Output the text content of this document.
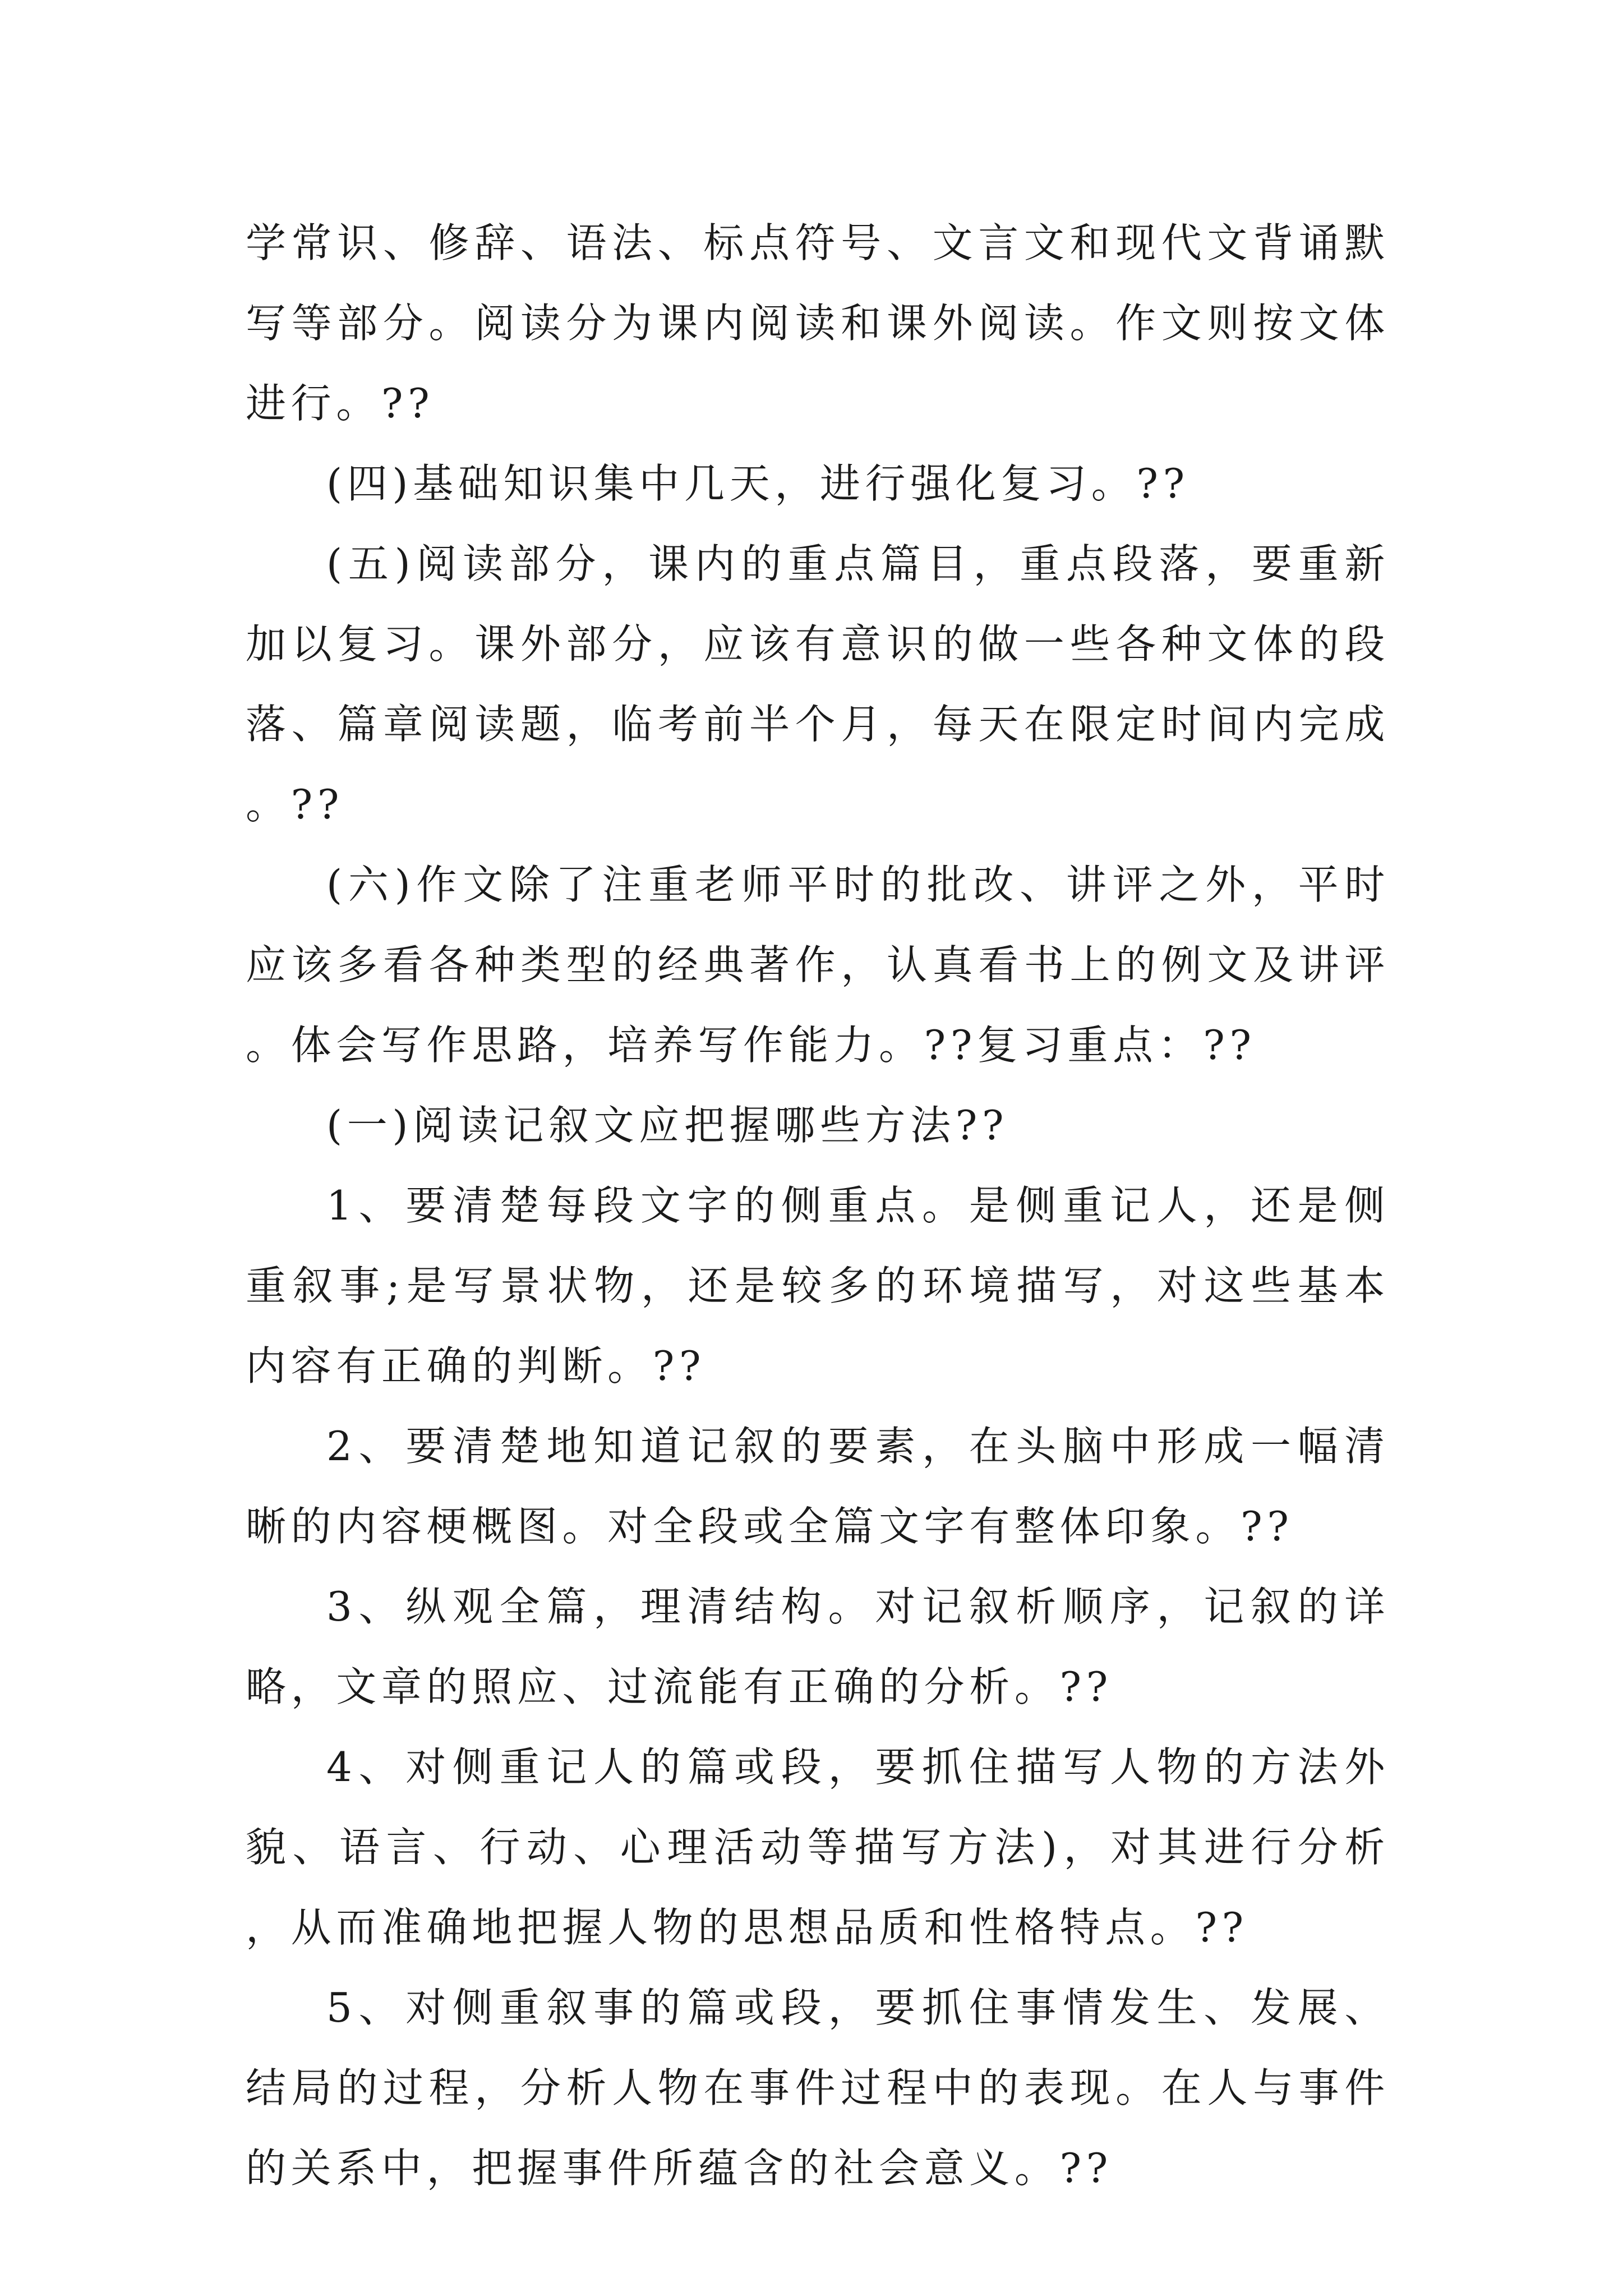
学常识、修辞、语法、标点符号、文言文和现代文背诵默写等部分。阅读分为课内阅读和课外阅读。作文则按文体进行。??

(四)基础知识集中几天，进行强化复习。??

(五)阅读部分，课内的重点篇目，重点段落，要重新加以复习。课外部分，应该有意识的做一些各种文体的段落、篇章阅读题，临考前半个月，每天在限定时间内完成。??

(六)作文除了注重老师平时的批改、讲评之外，平时应该多看各种类型的经典著作，认真看书上的例文及讲评。体会写作思路，培养写作能力。??复习重点：??

(一)阅读记叙文应把握哪些方法??

1、要清楚每段文字的侧重点。是侧重记人，还是侧重叙事;是写景状物，还是较多的环境描写，对这些基本内容有正确的判断。??

2、要清楚地知道记叙的要素，在头脑中形成一幅清晰的内容梗概图。对全段或全篇文字有整体印象。??

3、纵观全篇，理清结构。对记叙析顺序，记叙的详略，文章的照应、过流能有正确的分析。??

4、对侧重记人的篇或段，要抓住描写人物的方法外貌、语言、行动、心理活动等描写方法)，对其进行分析，从而准确地把握人物的思想品质和性格特点。??

5、对侧重叙事的篇或段，要抓住事情发生、发展、结局的过程，分析人物在事件过程中的表现。在人与事件的关系中，把握事件所蕴含的社会意义。??
